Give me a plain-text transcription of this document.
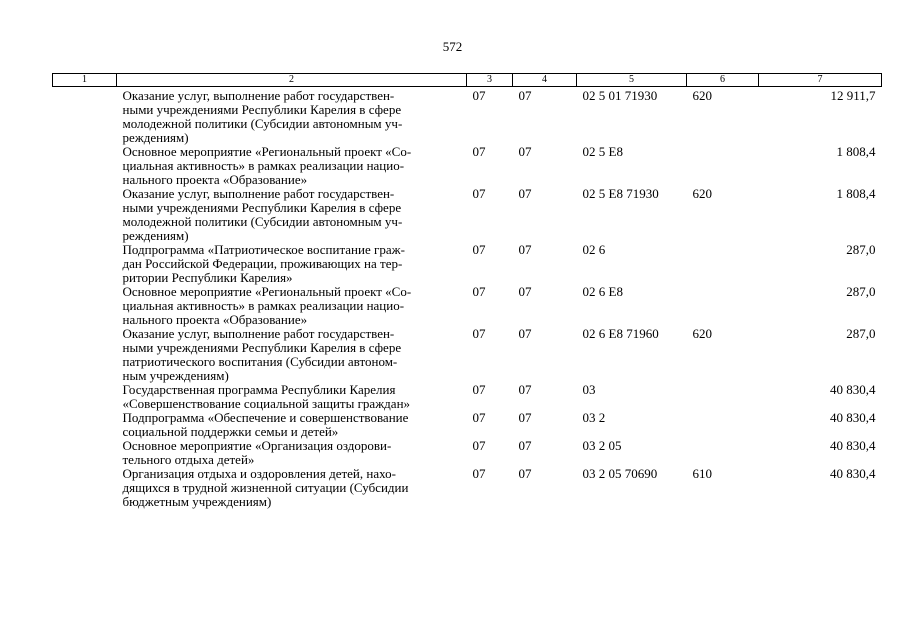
572
1	2	3	4	5	6	7
	Оказание услуг, выполнение работ государствен-
ными учреждениями Республики Карелия в сфере
молодежной политики (Субсидии автономным уч-
реждениям)	07	07	02 5 01 71930	620	12 911,7
	Основное мероприятие «Региональный проект «Со-
циальная активность» в рамках реализации нацио-
нального проекта «Образование»	07	07	02 5 E8		1 808,4
	Оказание услуг, выполнение работ государствен-
ными учреждениями Республики Карелия в сфере
молодежной политики (Субсидии автономным уч-
реждениям)	07	07	02 5 E8 71930	620	1 808,4
	Подпрограмма «Патриотическое воспитание граж-
дан Российской Федерации, проживающих на тер-
ритории Республики Карелия»	07	07	02 6		287,0
	Основное мероприятие «Региональный проект «Со-
циальная активность» в рамках реализации нацио-
нального проекта «Образование»	07	07	02 6 E8		287,0
	Оказание услуг, выполнение работ государствен-
ными учреждениями Республики Карелия в сфере
патриотического воспитания (Субсидии автоном-
ным учреждениям)	07	07	02 6 E8 71960	620	287,0
	Государственная программа Республики Карелия
«Совершенствование социальной защиты граждан»	07	07	03		40 830,4
	Подпрограмма «Обеспечение и совершенствование
социальной поддержки семьи и детей»	07	07	03 2		40 830,4
	Основное мероприятие «Организация оздорови-
тельного отдыха детей»	07	07	03 2 05		40 830,4
	Организация отдыха и оздоровления детей, нахо-
дящихся в трудной жизненной ситуации (Субсидии
бюджетным учреждениям)	07	07	03 2 05 70690	610	40 830,4
